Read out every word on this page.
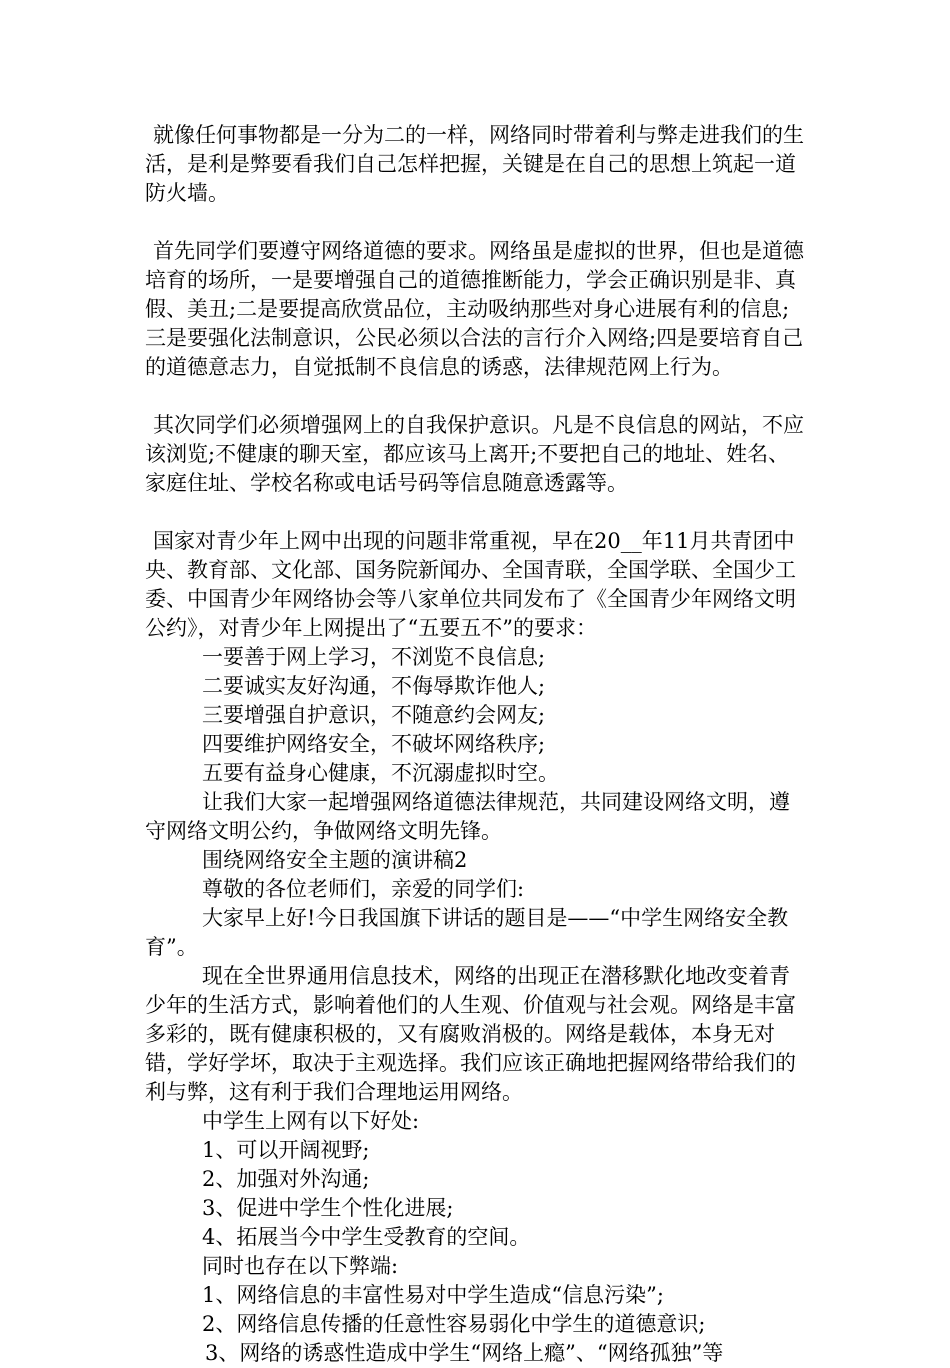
就像任何事物都是一分为二的一样，网络同时带着利与弊走进我们的生活，是利是弊要看我们自己怎样把握，关键是在自己的思想上筑起一道防火墙。

首先同学们要遵守网络道德的要求。网络虽是虚拟的世界，但也是道德培育的场所，一是要增强自己的道德推断能力，学会正确识别是非、真假、美丑;二是要提高欣赏品位，主动吸纳那些对身心进展有利的信息;三是要强化法制意识，公民必须以合法的言行介入网络;四是要培育自己的道德意志力，自觉抵制不良信息的诱惑，法律规范网上行为。

其次同学们必须增强网上的自我保护意识。凡是不良信息的网站，不应该浏览;不健康的聊天室，都应该马上离开;不要把自己的地址、姓名、家庭住址、学校名称或电话号码等信息随意透露等。

国家对青少年上网中出现的问题非常重视，早在20__年11月共青团中央、教育部、文化部、国务院新闻办、全国青联，全国学联、全国少工委、中国青少年网络协会等八家单位共同发布了《全国青少年网络文明公约》，对青少年上网提出了“五要五不”的要求：

一要善于网上学习，不浏览不良信息;

二要诚实友好沟通，不侮辱欺诈他人;

三要增强自护意识，不随意约会网友;

四要维护网络安全，不破坏网络秩序;

五要有益身心健康，不沉溺虚拟时空。

让我们大家一起增强网络道德法律规范，共同建设网络文明，遵守网络文明公约，争做网络文明先锋。

围绕网络安全主题的演讲稿2

尊敬的各位老师们，亲爱的同学们:

大家早上好!今日我国旗下讲话的题目是——“中学生网络安全教育”。

现在全世界通用信息技术，网络的出现正在潜移默化地改变着青少年的生活方式，影响着他们的人生观、价值观与社会观。网络是丰富多彩的，既有健康积极的，又有腐败消极的。网络是载体，本身无对错，学好学坏，取决于主观选择。我们应该正确地把握网络带给我们的利与弊，这有利于我们合理地运用网络。

中学生上网有以下好处:

1、可以开阔视野;

2、加强对外沟通;

3、促进中学生个性化进展;

4、拓展当今中学生受教育的空间。

同时也存在以下弊端:

1、网络信息的丰富性易对中学生造成“信息污染”;

2、网络信息传播的任意性容易弱化中学生的道德意识;

3、网络的诱惑性造成中学生“网络上瘾”、“网络孤独”等
